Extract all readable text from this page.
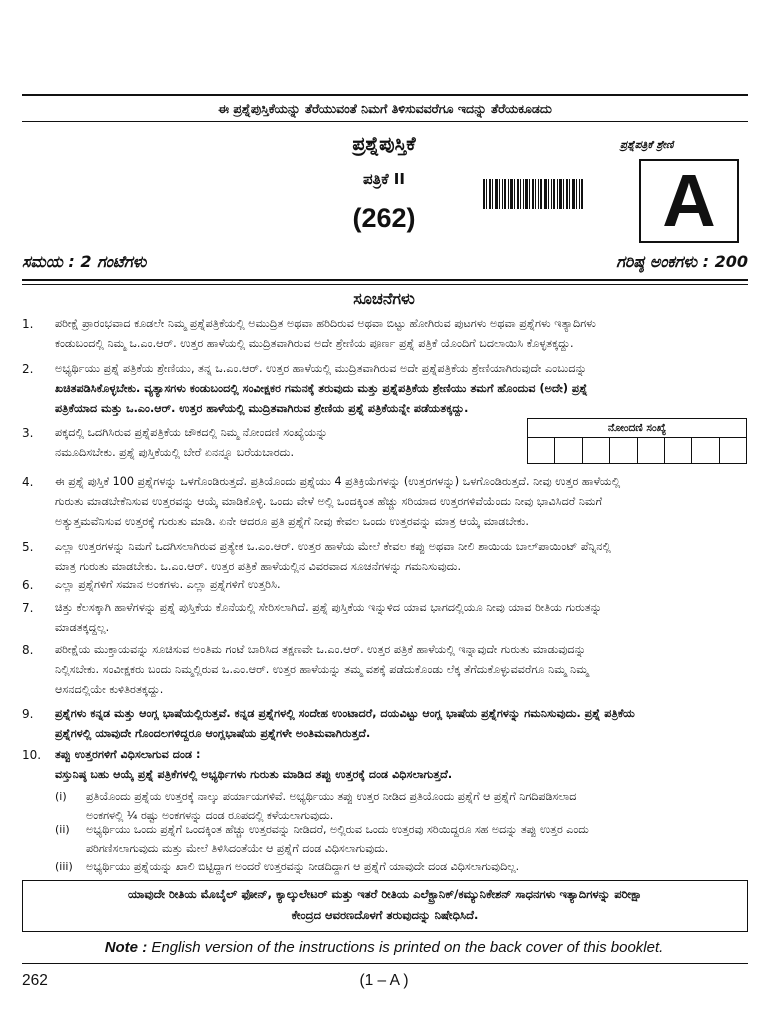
ಈ ಪ್ರಶ್ನೆಪುಸ್ತಿಕೆಯನ್ನು ತೆರೆಯುವಂತೆ ನಿಮಗೆ ತಿಳಿಸುವವರೆಗೂ ಇದನ್ನು ತೆರೆಯಕೂಡದು
ಪ್ರಶ್ನೆಪುಸ್ತಿಕೆ
ಪತ್ರಿಕೆ II
(262)
ಪ್ರಶ್ನೆಪತ್ರಿಕೆ ಶ್ರೇಣಿ
A
ಸಮಯ : 2 ಗಂಟೆಗಳು	ಗರಿಷ್ಠ ಅಂಕಗಳು : 200
ಸೂಚನೆಗಳು
ನೋಂದಣಿ ಸಂಖ್ಯೆ
1. ಪರೀಕ್ಷೆ ಪ್ರಾರಂಭವಾದ ಕೂಡಲೇ ನಿಮ್ಮ ಪ್ರಶ್ನೆಪತ್ರಿಕೆಯಲ್ಲಿ ಅಮುದ್ರಿತ ಅಥವಾ ಹರಿದಿರುವ ಅಥವಾ ಬಿಟ್ಟು ಹೋಗಿರುವ ಪುಟಗಳು ಅಥವಾ ಪ್ರಶ್ನೆಗಳು ಇತ್ಯಾದಿಗಳು
ಕಂಡುಬಂದಲ್ಲಿ ನಿಮ್ಮ ಒ.ಎಂ.ಆರ್. ಉತ್ತರ ಹಾಳೆಯಲ್ಲಿ ಮುದ್ರಿತವಾಗಿರುವ ಅದೇ ಶ್ರೇಣಿಯ ಪೂರ್ಣ ಪ್ರಶ್ನೆ ಪತ್ರಿಕೆ ಯೊಂದಿಗೆ ಬದಲಾಯಿಸಿ ಕೊಳ್ಳತಕ್ಕದ್ದು.
2. ಅಭ್ಯರ್ಥಿಯು ಪ್ರಶ್ನೆ ಪತ್ರಿಕೆಯ ಶ್ರೇಣಿಯು, ತನ್ನ ಒ.ಎಂ.ಆರ್. ಉತ್ತರ ಹಾಳೆಯಲ್ಲಿ ಮುದ್ರಿತವಾಗಿರುವ ಅದೇ ಪ್ರಶ್ನೆಪತ್ರಿಕೆಯ ಶ್ರೇಣಿಯಾಗಿರುವುದೇ ಎಂಬುದನ್ನು
ಖಚಿತಪಡಿಸಿಕೊಳ್ಳಬೇಕು. ವ್ಯತ್ಯಾಸಗಳು ಕಂಡುಬಂದಲ್ಲಿ ಸಂವೀಕ್ಷಕರ ಗಮನಕ್ಕೆ ತರುವುದು ಮತ್ತು ಪ್ರಶ್ನೆಪತ್ರಿಕೆಯ ಶ್ರೇಣಿಯು ತಮಗೆ ಹೊಂದುವ (ಅದೇ) ಪ್ರಶ್ನೆ
ಪತ್ರಿಕೆಯಾದ ಮತ್ತು ಒ.ಎಂ.ಆರ್. ಉತ್ತರ ಹಾಳೆಯಲ್ಲಿ ಮುದ್ರಿತವಾಗಿರುವ ಶ್ರೇಣಿಯ ಪ್ರಶ್ನೆ ಪತ್ರಿಕೆಯನ್ನೇ ಪಡೆಯತಕ್ಕದ್ದು.
3. ಪಕ್ಕದಲ್ಲಿ ಒದಗಿಸಿರುವ ಪ್ರಶ್ನೆಪತ್ರಿಕೆಯ ಚೌಕದಲ್ಲಿ ನಿಮ್ಮ ನೋಂದಣಿ ಸಂಖ್ಯೆಯನ್ನು
ನಮೂದಿಸಬೇಕು. ಪ್ರಶ್ನೆ ಪುಸ್ತಿಕೆಯಲ್ಲಿ ಬೇರೆ ಏನನ್ನೂ ಬರೆಯಬಾರದು.
4. ಈ ಪ್ರಶ್ನೆ ಪುಸ್ತಿಕೆ 100 ಪ್ರಶ್ನೆಗಳನ್ನು ಒಳಗೊಂಡಿರುತ್ತದೆ. ಪ್ರತಿಯೊಂದು ಪ್ರಶ್ನೆಯು 4 ಪ್ರತಿಕ್ರಿಯೆಗಳನ್ನು (ಉತ್ತರಗಳನ್ನು) ಒಳಗೊಂಡಿರುತ್ತದೆ. ನೀವು ಉತ್ತರ ಹಾಳೆಯಲ್ಲಿ
ಗುರುತು ಮಾಡಬೇಕೆನಿಸುವ ಉತ್ತರವನ್ನು ಆಯ್ಕೆ ಮಾಡಿಕೊಳ್ಳಿ. ಒಂದು ವೇಳೆ ಅಲ್ಲಿ ಒಂದಕ್ಕಿಂತ ಹೆಚ್ಚು ಸರಿಯಾದ ಉತ್ತರಗಳಿವೆಯೆಂದು ನೀವು ಭಾವಿಸಿದರೆ ನಿಮಗೆ
ಅತ್ಯುತ್ತಮವೆನಿಸುವ ಉತ್ತರಕ್ಕೆ ಗುರುತು ಮಾಡಿ. ಏನೇ ಆದರೂ ಪ್ರತಿ ಪ್ರಶ್ನೆಗೆ ನೀವು ಕೇವಲ ಒಂದು ಉತ್ತರವನ್ನು ಮಾತ್ರ ಆಯ್ಕೆ ಮಾಡಬೇಕು.
5. ಎಲ್ಲಾ ಉತ್ತರಗಳನ್ನು ನಿಮಗೆ ಒದಗಿಸಲಾಗಿರುವ ಪ್ರತ್ಯೇಕ ಒ.ಎಂ.ಆರ್. ಉತ್ತರ ಹಾಳೆಯ ಮೇಲೆ ಕೇವಲ ಕಪ್ಪು ಅಥವಾ ನೀಲಿ ಶಾಯಿಯ ಬಾಲ್‌ಪಾಯಿಂಟ್ ಪೆನ್ನಿನಲ್ಲಿ
ಮಾತ್ರ ಗುರುತು ಮಾಡಬೇಕು. ಒ.ಎಂ.ಆರ್. ಉತ್ತರ ಪತ್ರಿಕೆ ಹಾಳೆಯಲ್ಲಿನ ವಿವರವಾದ ಸೂಚನೆಗಳನ್ನು ಗಮನಿಸುವುದು.
6. ಎಲ್ಲಾ ಪ್ರಶ್ನೆಗಳಿಗೆ ಸಮಾನ ಅಂಕಗಳು. ಎಲ್ಲಾ ಪ್ರಶ್ನೆಗಳಿಗೆ ಉತ್ತರಿಸಿ.
7. ಚಿತ್ತು ಕೆಲಸಕ್ಕಾಗಿ ಹಾಳೆಗಳನ್ನು ಪ್ರಶ್ನೆ ಪುಸ್ತಿಕೆಯ ಕೊನೆಯಲ್ಲಿ ಸೇರಿಸಲಾಗಿದೆ. ಪ್ರಶ್ನೆ ಪುಸ್ತಿಕೆಯ ಇನ್ನುಳಿದ ಯಾವ ಭಾಗದಲ್ಲಿಯೂ ನೀವು ಯಾವ ರೀತಿಯ ಗುರುತನ್ನು
ಮಾಡತಕ್ಕದ್ದಲ್ಲ.
8. ಪರೀಕ್ಷೆಯ ಮುಕ್ತಾಯವನ್ನು ಸೂಚಿಸುವ ಅಂತಿಮ ಗಂಟೆ ಬಾರಿಸಿದ ತಕ್ಷಣವೇ ಒ.ಎಂ.ಆರ್. ಉತ್ತರ ಪತ್ರಿಕೆ ಹಾಳೆಯಲ್ಲಿ ಇನ್ನಾವುದೇ ಗುರುತು ಮಾಡುವುದನ್ನು
ನಿಲ್ಲಿಸಬೇಕು. ಸಂವೀಕ್ಷಕರು ಬಂದು ನಿಮ್ಮಲ್ಲಿರುವ ಒ.ಎಂ.ಆರ್. ಉತ್ತರ ಹಾಳೆಯನ್ನು ತಮ್ಮ ವಶಕ್ಕೆ ಪಡೆದುಕೊಂಡು ಲೆಕ್ಕ ತೆಗೆದುಕೊಳ್ಳುವವರೆಗೂ ನಿಮ್ಮ ನಿಮ್ಮ
ಆಸನದಲ್ಲಿಯೇ ಕುಳಿತಿರತಕ್ಕದ್ದು.
9. ಪ್ರಶ್ನೆಗಳು ಕನ್ನಡ ಮತ್ತು ಆಂಗ್ಲ ಭಾಷೆಯಲ್ಲಿರುತ್ತವೆ. ಕನ್ನಡ ಪ್ರಶ್ನೆಗಳಲ್ಲಿ ಸಂದೇಹ ಉಂಟಾದರೆ, ದಯವಿಟ್ಟು ಆಂಗ್ಲ ಭಾಷೆಯ ಪ್ರಶ್ನೆಗಳನ್ನು ಗಮನಿಸುವುದು. ಪ್ರಶ್ನೆ ಪತ್ರಿಕೆಯ
ಪ್ರಶ್ನೆಗಳಲ್ಲಿ ಯಾವುದೇ ಗೊಂದಲಗಳಿದ್ದರೂ ಆಂಗ್ಲಭಾಷೆಯ ಪ್ರಶ್ನೆಗಳೇ ಅಂತಿಮವಾಗಿರುತ್ತದೆ.
10. ತಪ್ಪು ಉತ್ತರಗಳಿಗೆ ವಿಧಿಸಲಾಗುವ ದಂಡ :
ವಸ್ತುನಿಷ್ಠ ಬಹು ಆಯ್ಕೆ ಪ್ರಶ್ನೆ ಪತ್ರಿಕೆಗಳಲ್ಲಿ ಅಭ್ಯರ್ಥಿಗಳು ಗುರುತು ಮಾಡಿದ ತಪ್ಪು ಉತ್ತರಕ್ಕೆ ದಂಡ ವಿಧಿಸಲಾಗುತ್ತದೆ.
(i) ಪ್ರತಿಯೊಂದು ಪ್ರಶ್ನೆಯ ಉತ್ತರಕ್ಕೆ ನಾಲ್ಕು ಪರ್ಯಾಯಗಳಿವೆ. ಅಭ್ಯರ್ಥಿಯು ತಪ್ಪು ಉತ್ತರ ನೀಡಿದ ಪ್ರತಿಯೊಂದು ಪ್ರಶ್ನೆಗೆ ಆ ಪ್ರಶ್ನೆಗೆ ನಿಗದಿಪಡಿಸಲಾದ
ಅಂಕಗಳಲ್ಲಿ ¼ ರಷ್ಟು ಅಂಕಗಳನ್ನು ದಂಡ ರೂಪದಲ್ಲಿ ಕಳೆಯಲಾಗುವುದು.
(ii) ಅಭ್ಯರ್ಥಿಯು ಒಂದು ಪ್ರಶ್ನೆಗೆ ಒಂದಕ್ಕಿಂತ ಹೆಚ್ಚು ಉತ್ತರವನ್ನು ನೀಡಿದರೆ, ಅಲ್ಲಿರುವ ಒಂದು ಉತ್ತರವು ಸರಿಯಿದ್ದರೂ ಸಹ ಅದನ್ನು ತಪ್ಪು ಉತ್ತರ ಎಂದು
ಪರಿಗಣಿಸಲಾಗುವುದು ಮತ್ತು ಮೇಲೆ ತಿಳಿಸಿದಂತೆಯೇ ಆ ಪ್ರಶ್ನೆಗೆ ದಂಡ ವಿಧಿಸಲಾಗುವುದು.
(iii) ಅಭ್ಯರ್ಥಿಯು ಪ್ರಶ್ನೆಯನ್ನು ಖಾಲಿ ಬಿಟ್ಟಿದ್ದಾಗ ಅಂದರೆ ಉತ್ತರವನ್ನು ನೀಡದಿದ್ದಾಗ ಆ ಪ್ರಶ್ನೆಗೆ ಯಾವುದೇ ದಂಡ ವಿಧಿಸಲಾಗುವುದಿಲ್ಲ.
ಯಾವುದೇ ರೀತಿಯ ಮೊಬೈಲ್ ಫೋನ್, ಕ್ಯಾಲ್ಕುಲೇಟರ್ ಮತ್ತು ಇತರೆ ರೀತಿಯ ಎಲೆಕ್ಟ್ರಾನಿಕ್/ಕಮ್ಯುನಿಕೇಶನ್ ಸಾಧನಗಳು ಇತ್ಯಾದಿಗಳನ್ನು ಪರೀಕ್ಷಾ
ಕೇಂದ್ರದ ಆವರಣದೊಳಗೆ ತರುವುದನ್ನು ನಿಷೇಧಿಸಿದೆ.
Note : English version of the instructions is printed on the back cover of this booklet.
262	(1 – A )
